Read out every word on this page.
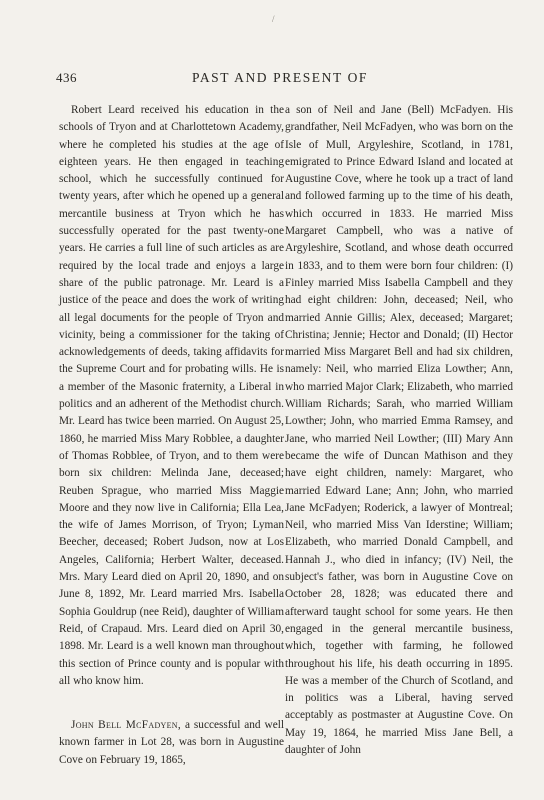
/
436	PAST AND PRESENT OF

Robert Leard received his education in the schools of Tryon and at Charlottetown Academy, where he completed his studies at the age of eighteen years. He then engaged in teaching school, which he successfully continued for twenty years, after which he opened up a general mercantile business at Tryon which he has successfully operated for the past twenty-one years. He carries a full line of such articles as are required by the local trade and enjoys a large share of the public patronage. Mr. Leard is a justice of the peace and does the work of writing all legal documents for the people of Tryon and vicinity, being a commissioner for the taking of acknowledgements of deeds, taking affidavits for the Supreme Court and for probating wills. He is a member of the Masonic fraternity, a Liberal in politics and an adherent of the Methodist church. Mr. Leard has twice been married. On August 25, 1860, he married Miss Mary Robblee, a daughter of Thomas Robblee, of Tryon, and to them were born six children: Melinda Jane, deceased; Reuben Sprague, who married Miss Maggie Moore and they now live in California; Ella Lea, the wife of James Morrison, of Tryon; Lyman Beecher, deceased; Robert Judson, now at Los Angeles, California; Herbert Walter, deceased. Mrs. Mary Leard died on April 20, 1890, and on June 8, 1892, Mr. Leard married Mrs. Isabella Sophia Gouldrup (nee Reid), daughter of William Reid, of Crapaud. Mrs. Leard died on April 30, 1898. Mr. Leard is a well known man throughout this section of Prince county and is popular with all who know him.

John Bell McFadyen, a successful and well known farmer in Lot 28, was born in Augustine Cove on February 19, 1865,

a son of Neil and Jane (Bell) McFadyen. His grandfather, Neil McFadyen, who was born on the Isle of Mull, Argyleshire, Scotland, in 1781, emigrated to Prince Edward Island and located at Augustine Cove, where he took up a tract of land and followed farming up to the time of his death, which occurred in 1833. He married Miss Margaret Campbell, who was a native of Argyleshire, Scotland, and whose death occurred in 1833, and to them were born four children: (I) Finley married Miss Isabella Campbell and they had eight children: John, deceased; Neil, who married Annie Gillis; Alex, deceased; Margaret; Christina; Jennie; Hector and Donald; (II) Hector married Miss Margaret Bell and had six children, namely: Neil, who married Eliza Lowther; Ann, who married Major Clark; Elizabeth, who married William Richards; Sarah, who married William Lowther; John, who married Emma Ramsey, and Jane, who married Neil Lowther; (III) Mary Ann became the wife of Duncan Mathison and they have eight children, namely: Margaret, who married Edward Lane; Ann; John, who married Jane McFadyen; Roderick, a lawyer of Montreal; Neil, who married Miss Van Iderstine; William; Elizabeth, who married Donald Campbell, and Hannah J., who died in infancy; (IV) Neil, the subject's father, was born in Augustine Cove on October 28, 1828; was educated there and afterward taught school for some years. He then engaged in the general mercantile business, which, together with farming, he followed throughout his life, his death occurring in 1895. He was a member of the Church of Scotland, and in politics was a Liberal, having served acceptably as postmaster at Augustine Cove. On May 19, 1864, he married Miss Jane Bell, a daughter of John
